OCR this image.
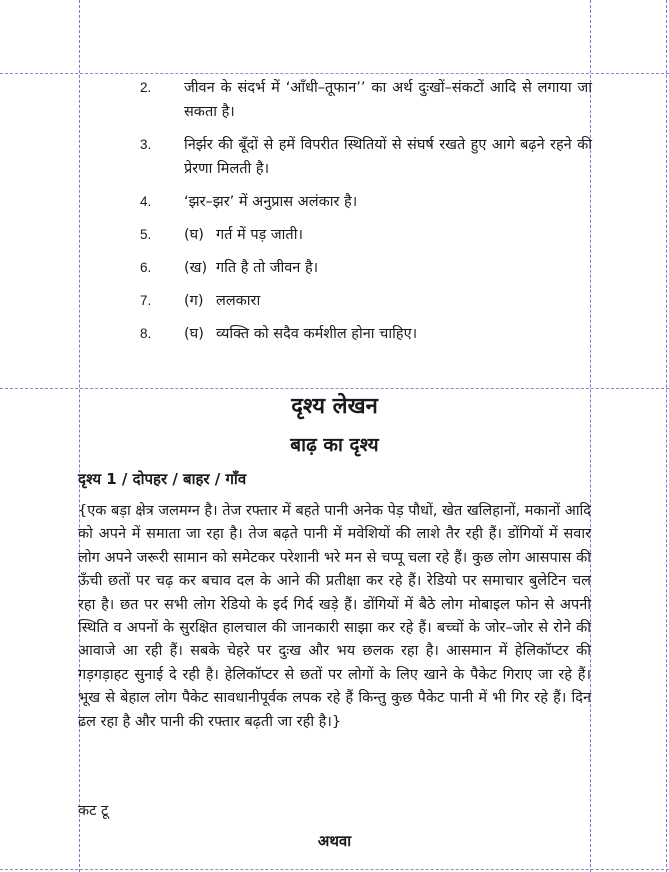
2.	जीवन के संदर्भ में ‘आँधी–तूफान’’ का अर्थ दुःखों–संकटों आदि से लगाया जा सकता है।
3.	निर्झर की बूँदों से हमें विपरीत स्थितियों से संघर्ष रखते हुए आगे बढ़ने रहने की प्रेरणा मिलती है।
4.	‘झर–झर’ में अनुप्रास अलंकार है।
5.	(घ) गर्त में पड़ जाती।
6.	(ख) गति है तो जीवन है।
7.	(ग) ललकारा
8.	(घ) व्यक्ति को सदैव कर्मशील होना चाहिए।
दृश्य लेखन
बाढ़ का दृश्य
दृश्य 1 / दोपहर / बाहर / गाँव
{एक बड़ा क्षेत्र जलमग्न है। तेज रफ्तार में बहते पानी अनेक पेड़ पौधों, खेत खलिहानों, मकानों आदि को अपने में समाता जा रहा है। तेज बढ़ते पानी में मवेशियों की लाशे तैर रही हैं। डोंगियों में सवार लोग अपने जरूरी सामान को समेटकर परेशानी भरे मन से चप्पू चला रहे हैं। कुछ लोग आसपास की ऊँची छतों पर चढ़ कर बचाव दल के आने की प्रतीक्षा कर रहे हैं। रेडियो पर समाचार बुलेटिन चल रहा है। छत पर सभी लोग रेडियो के इर्द गिर्द खड़े हैं। डोंगियों में बैठे लोग मोबाइल फोन से अपनी स्थिति व अपनों के सुरक्षित हालचाल की जानकारी साझा कर रहे हैं। बच्चों के जोर–जोर से रोने की आवाजे आ रही हैं। सबके चेहरे पर दुःख और भय छलक रहा है। आसमान में हेलिकॉप्टर की गड़गड़ाहट सुनाई दे रही है। हेलिकॉप्टर से छतों पर लोगों के लिए खाने के पैकेट गिराए जा रहे हैं। भूख से बेहाल लोग पैकेट सावधानीपूर्वक लपक रहे हैं किन्तु कुछ पैकेट पानी में भी गिर रहे हैं। दिन ढल रहा है और पानी की रफ्तार बढ़ती जा रही है।}
कट टू
अथवा
